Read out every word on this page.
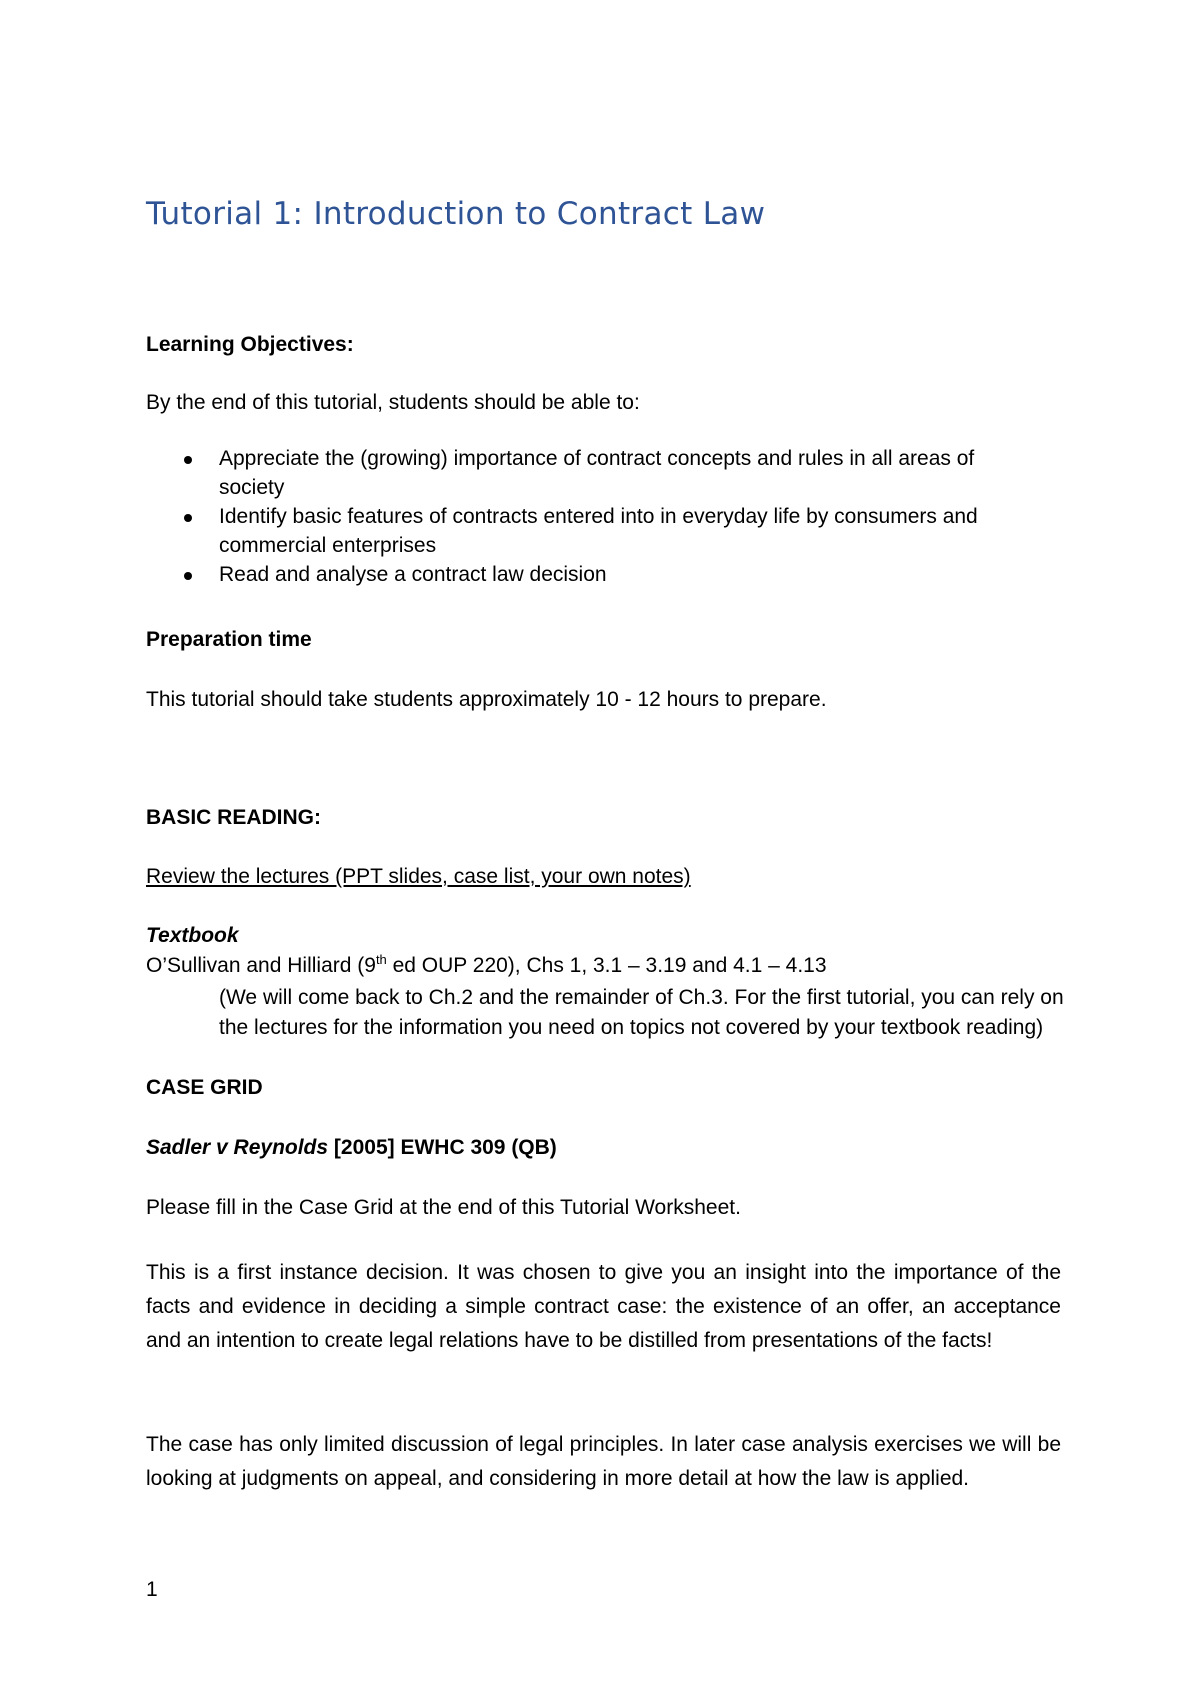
Tutorial 1: Introduction to Contract Law
Learning Objectives:
By the end of this tutorial, students should be able to:
Appreciate the (growing) importance of contract concepts and rules in all areas of society
Identify basic features of contracts entered into in everyday life by consumers and commercial enterprises
Read and analyse a contract law decision
Preparation time
This tutorial should take students approximately 10 - 12 hours to prepare.
BASIC READING:
Review the lectures (PPT slides, case list, your own notes)
Textbook
O’Sullivan and Hilliard (9th ed OUP 220), Chs 1, 3.1 – 3.19 and 4.1 – 4.13
(We will come back to Ch.2 and the remainder of Ch.3. For the first tutorial, you can rely on the lectures for the information you need on topics not covered by your textbook reading)
CASE GRID
Sadler v Reynolds [2005] EWHC 309 (QB)
Please fill in the Case Grid at the end of this Tutorial Worksheet.
This is a first instance decision. It was chosen to give you an insight into the importance of the facts and evidence in deciding a simple contract case: the existence of an offer, an acceptance and an intention to create legal relations have to be distilled from presentations of the facts!
The case has only limited discussion of legal principles. In later case analysis exercises we will be looking at judgments on appeal, and considering in more detail at how the law is applied.
1
